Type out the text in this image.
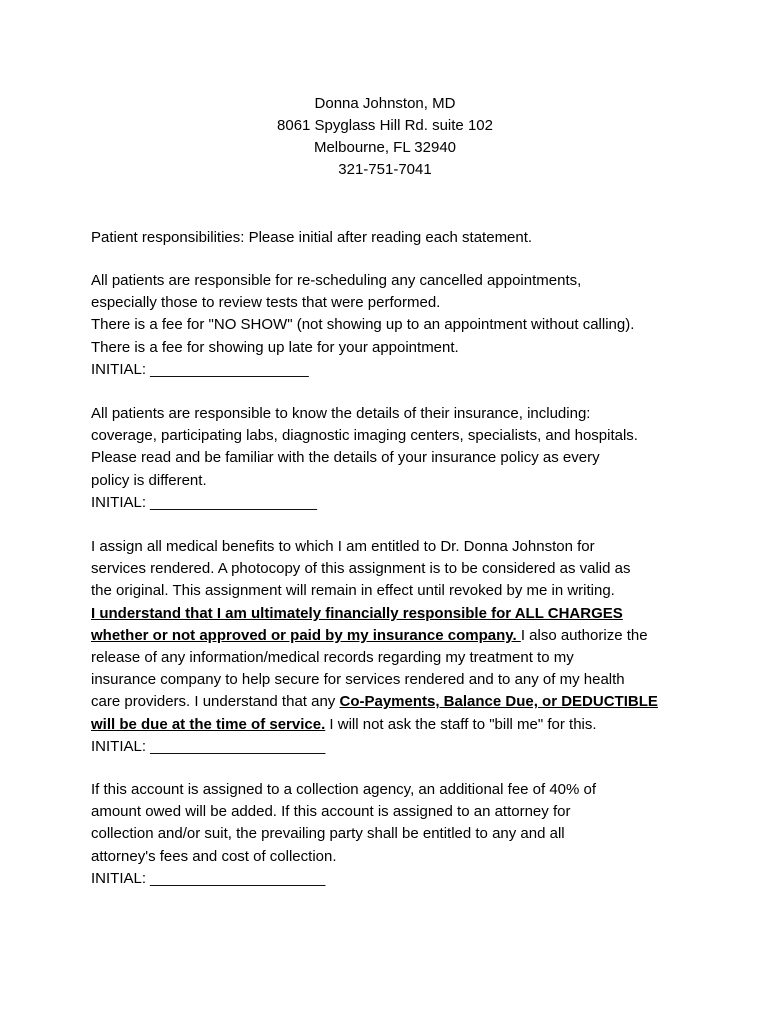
Donna Johnston, MD
8061 Spyglass Hill Rd. suite 102
Melbourne, FL 32940
321-751-7041
Patient responsibilities: Please initial after reading each statement.
All patients are responsible for re-scheduling any cancelled appointments,
especially those to review tests that were performed.
There is a fee for "NO SHOW" (not showing up to an appointment without calling).
There is a fee for showing up late for your appointment.
INITIAL: ___________________
All patients are responsible to know the details of their insurance, including:
coverage, participating labs, diagnostic imaging centers, specialists, and hospitals.
Please read and be familiar with the details of your insurance policy as every
policy is different.
INITIAL: ____________________
I assign all medical benefits to which I am entitled to Dr. Donna Johnston for
services rendered. A photocopy of this assignment is to be considered as valid as
the original. This assignment will remain in effect until revoked by me in writing.
I understand that I am ultimately financially responsible for ALL CHARGES
whether or not approved or paid by my insurance company. I also authorize the
release of any information/medical records regarding my treatment to my
insurance company to help secure for services rendered and to any of my health
care providers. I understand that any Co-Payments, Balance Due, or DEDUCTIBLE
will be due at the time of service. I will not ask the staff to "bill me" for this.
INITIAL: _____________________
If this account is assigned to a collection agency, an additional fee of 40% of
amount owed will be added. If this account is assigned to an attorney for
collection and/or suit, the prevailing party shall be entitled to any and all
attorney's fees and cost of collection.
INITIAL: _____________________
